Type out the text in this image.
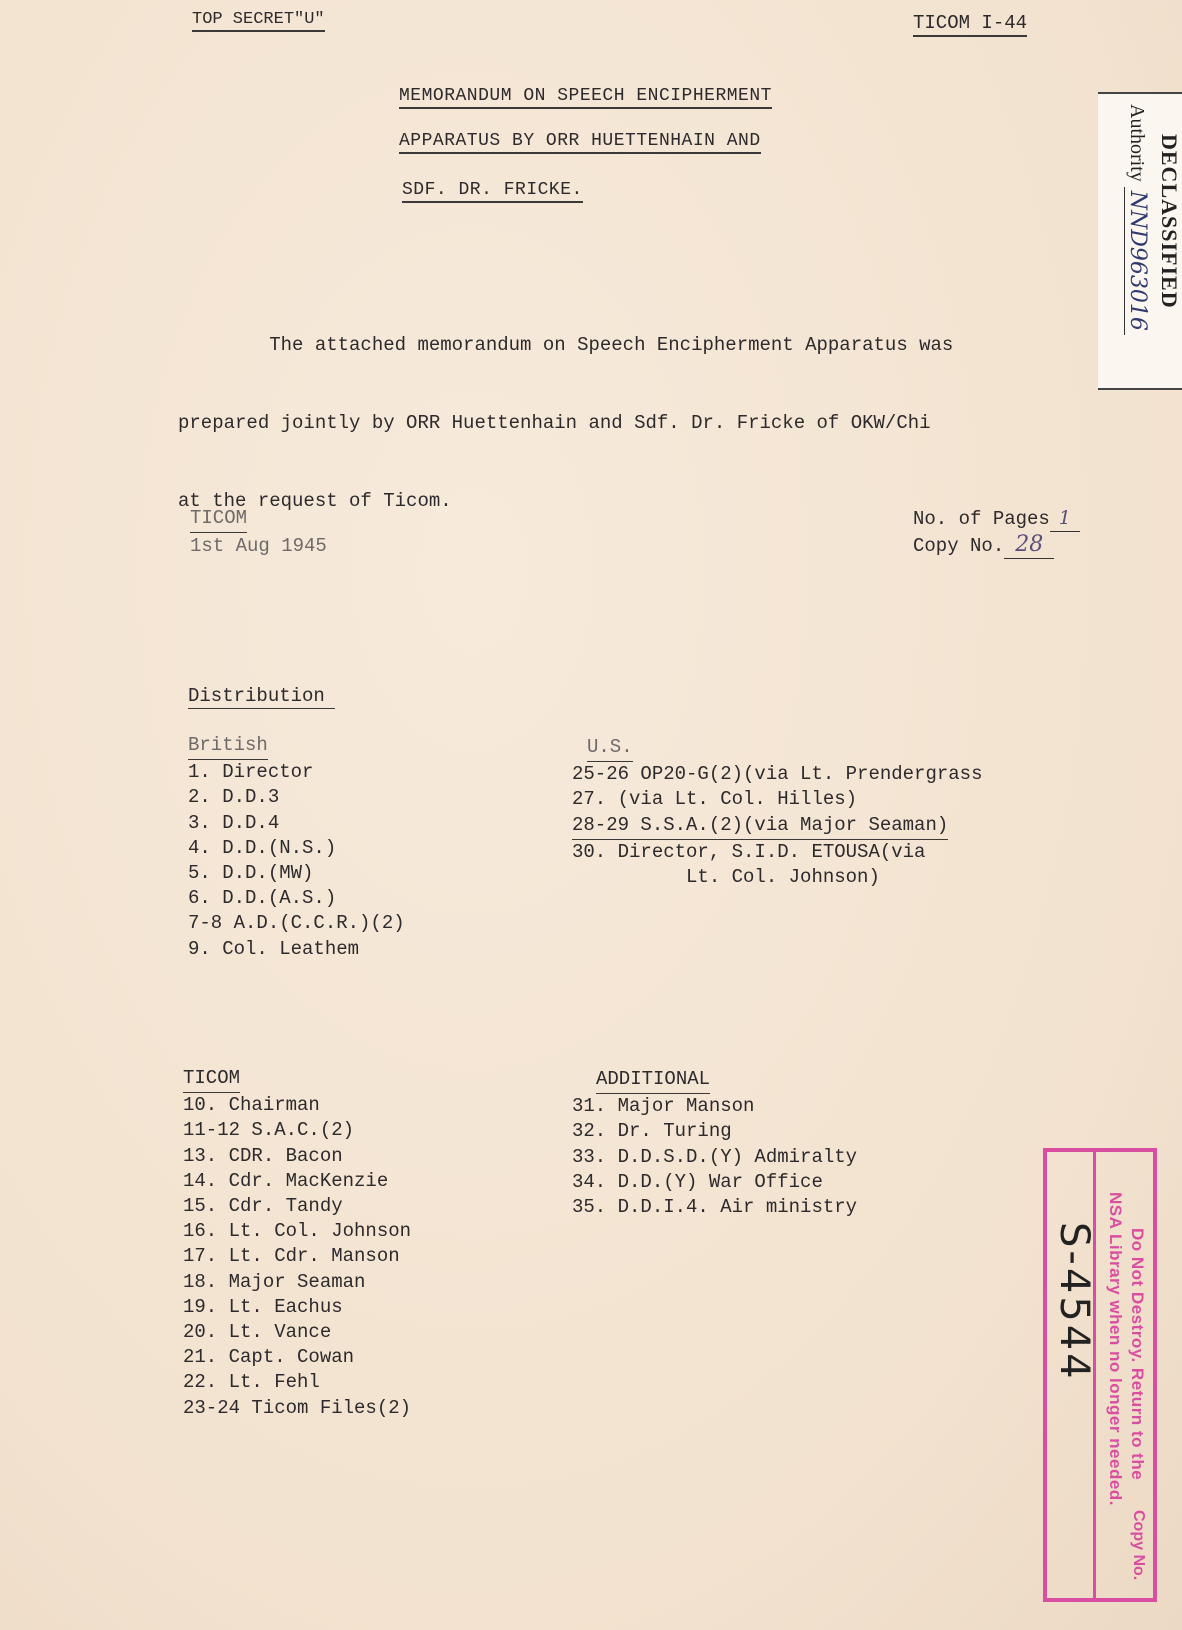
TOP SECRET"U"	TICOM I-44
MEMORANDUM ON SPEECH ENCIPHERMENT
APPARATUS BY ORR HUETTENHAIN AND
SDF. DR. FRICKE.

The attached memorandum on Speech Encipherment Apparatus was

prepared jointly by ORR Huettenhain and Sdf. Dr. Fricke of OKW/Chi

at the request of Ticom.

TICOM
1st Aug 1945
No. of Pages 1
Copy No. 28
Distribution
British
1. Director
2. D.D.3
3. D.D.4
4. D.D.(N.S.)
5. D.D.(MW)
6. D.D.(A.S.)
7-8 A.D.(C.C.R.)(2)
9. Col. Leathem
U.S.
25-26 OP20-G(2)(via Lt. Prendergrass
27. (via Lt. Col. Hilles)
28-29 S.S.A.(2)(via Major Seaman)
30. Director, S.I.D. ETOUSA(via
Lt. Col. Johnson)
TICOM
10. Chairman
11-12 S.A.C.(2)
13. CDR. Bacon
14. Cdr. MacKenzie
15. Cdr. Tandy
16. Lt. Col. Johnson
17. Lt. Cdr. Manson
18. Major Seaman
19. Lt. Eachus
20. Lt. Vance
21. Capt. Cowan
22. Lt. Fehl
23-24 Ticom Files(2)
ADDITIONAL
31. Major Manson
32. Dr. Turing
33. D.D.S.D.(Y) Admiralty
34. D.D.(Y) War Office
35. D.D.I.4. Air ministry
DECLASSIFIED
Authority NND963016
Do Not Destroy. Return to the
NSA Library when no longer needed.
Copy No.
S-4544
